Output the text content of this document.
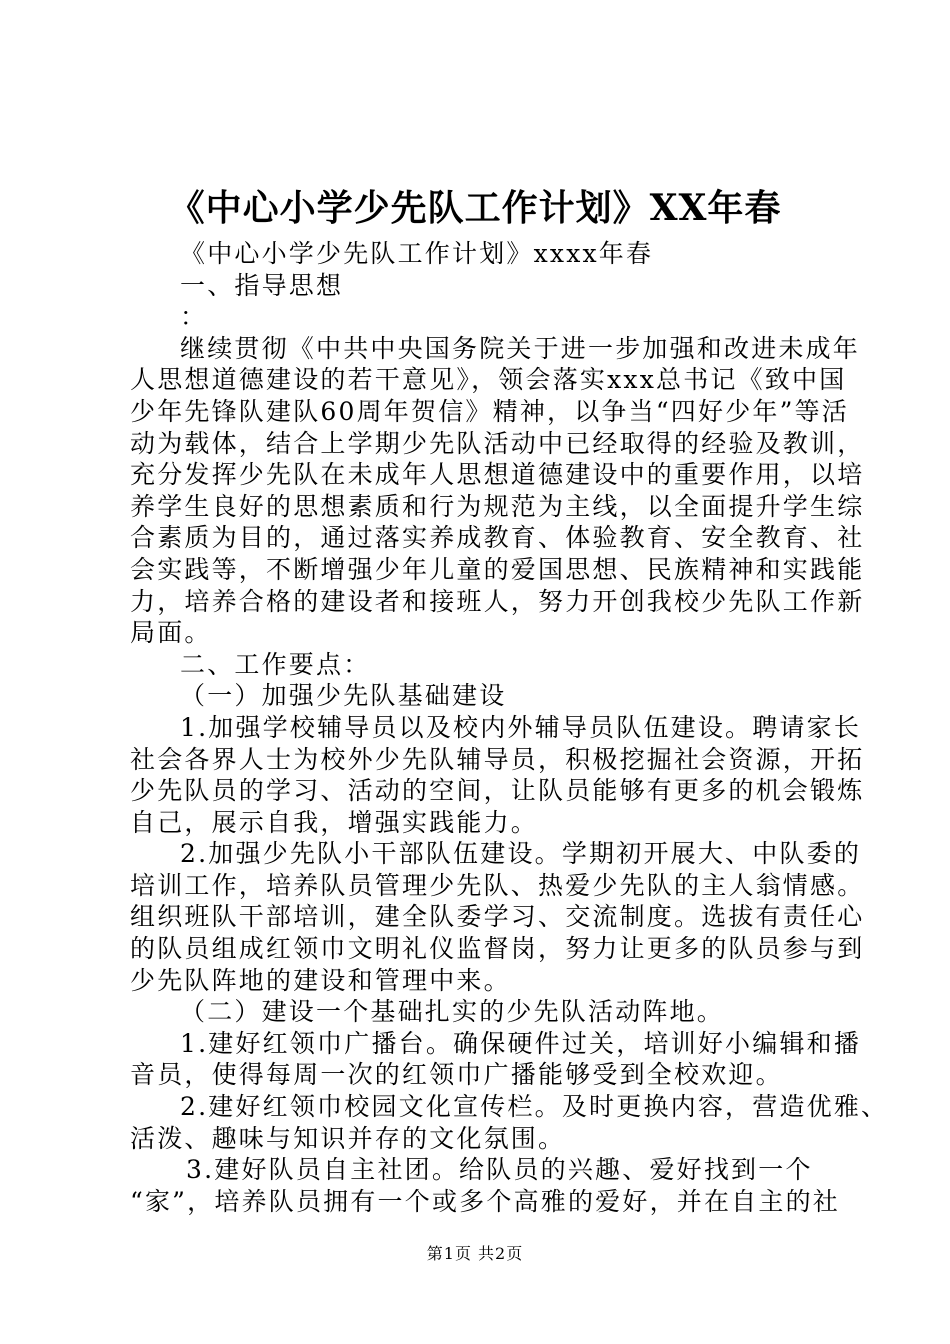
《中心小学少先队工作计划》XX年春
《中心小学少先队工作计划》xxxx年春
一、指导思想
：
继续贯彻《中共中央国务院关于进一步加强和改进未成年
人思想道德建设的若干意见》，领会落实xxx总书记《致中国
少年先锋队建队60周年贺信》精神，以争当“四好少年”等活
动为载体，结合上学期少先队活动中已经取得的经验及教训，
充分发挥少先队在未成年人思想道德建设中的重要作用，以培
养学生良好的思想素质和行为规范为主线，以全面提升学生综
合素质为目的，通过落实养成教育、体验教育、安全教育、社
会实践等，不断增强少年儿童的爱国思想、民族精神和实践能
力，培养合格的建设者和接班人，努力开创我校少先队工作新
局面。
二、工作要点：
（一）加强少先队基础建设
1.加强学校辅导员以及校内外辅导员队伍建设。聘请家长
社会各界人士为校外少先队辅导员，积极挖掘社会资源，开拓
少先队员的学习、活动的空间，让队员能够有更多的机会锻炼
自己，展示自我，增强实践能力。
2.加强少先队小干部队伍建设。学期初开展大、中队委的
培训工作，培养队员管理少先队、热爱少先队的主人翁情感。
组织班队干部培训，建全队委学习、交流制度。选拔有责任心
的队员组成红领巾文明礼仪监督岗，努力让更多的队员参与到
少先队阵地的建设和管理中来。
（二）建设一个基础扎实的少先队活动阵地。
1.建好红领巾广播台。确保硬件过关，培训好小编辑和播
音员，使得每周一次的红领巾广播能够受到全校欢迎。
2.建好红领巾校园文化宣传栏。及时更换内容，营造优雅、
活泼、趣味与知识并存的文化氛围。
3.建好队员自主社团。给队员的兴趣、爱好找到一个
“家”，培养队员拥有一个或多个高雅的爱好，并在自主的社
第1页 共2页
